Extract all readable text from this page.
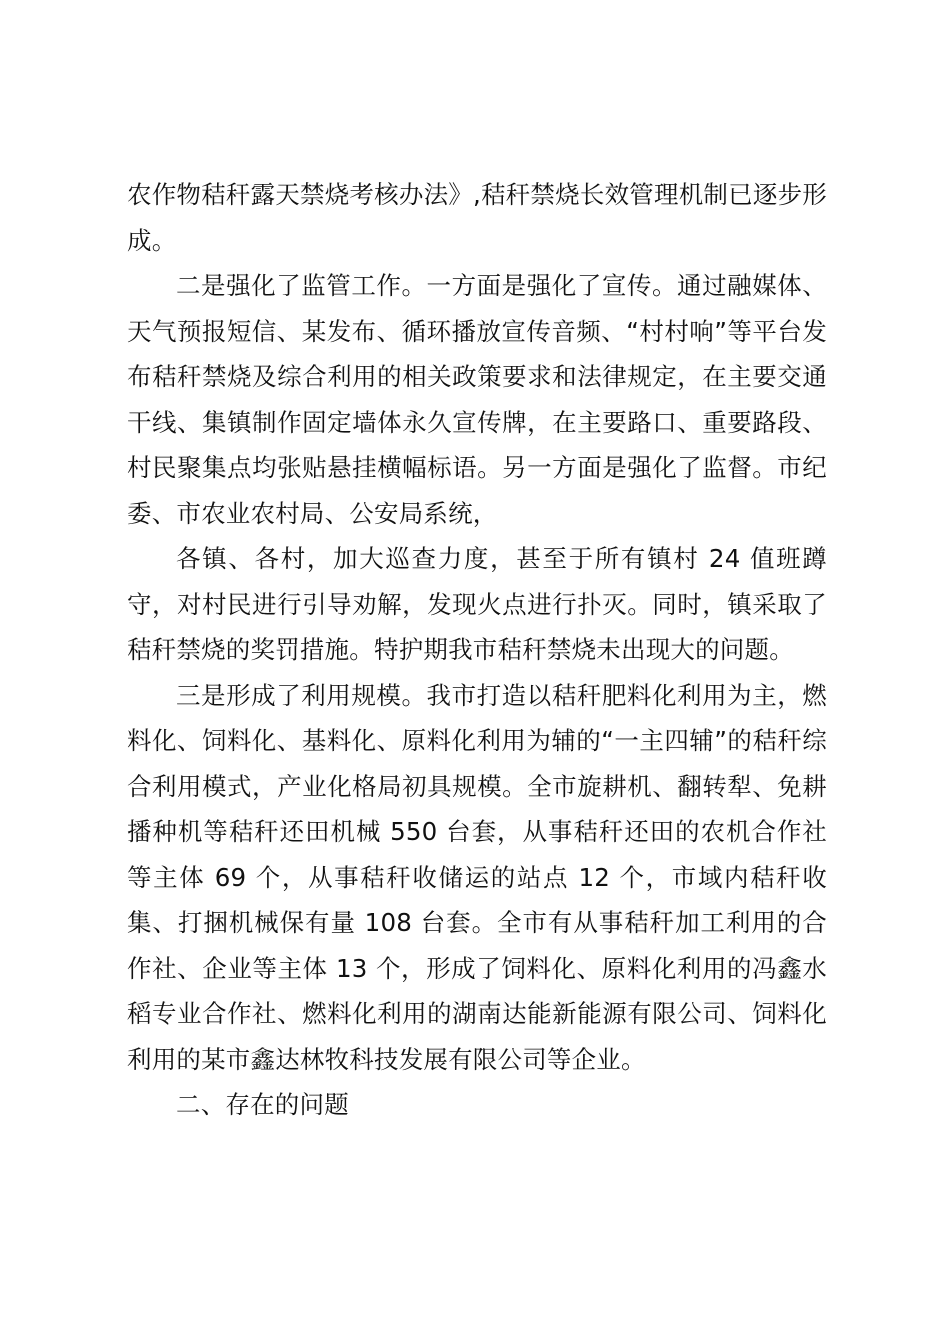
农作物秸秆露天禁烧考核办法》,秸秆禁烧长效管理机制已逐步形成。

二是强化了监管工作。一方面是强化了宣传。通过融媒体、天气预报短信、某发布、循环播放宣传音频、“村村响”等平台发布秸秆禁烧及综合利用的相关政策要求和法律规定，在主要交通干线、集镇制作固定墙体永久宣传牌，在主要路口、重要路段、村民聚集点均张贴悬挂横幅标语。另一方面是强化了监督。市纪委、市农业农村局、公安局系统，

各镇、各村，加大巡查力度，甚至于所有镇村 24 值班蹲守，对村民进行引导劝解，发现火点进行扑灭。同时，镇采取了秸秆禁烧的奖罚措施。特护期我市秸秆禁烧未出现大的问题。

三是形成了利用规模。我市打造以秸秆肥料化利用为主，燃料化、饲料化、基料化、原料化利用为辅的“一主四辅”的秸秆综合利用模式，产业化格局初具规模。全市旋耕机、翻转犁、免耕播种机等秸秆还田机械 550 台套，从事秸秆还田的农机合作社等主体 69 个，从事秸秆收储运的站点 12 个，市域内秸秆收集、打捆机械保有量 108 台套。全市有从事秸秆加工利用的合作社、企业等主体 13 个，形成了饲料化、原料化利用的冯鑫水稻专业合作社、燃料化利用的湖南达能新能源有限公司、饲料化利用的某市鑫达林牧科技发展有限公司等企业。

二、存在的问题
